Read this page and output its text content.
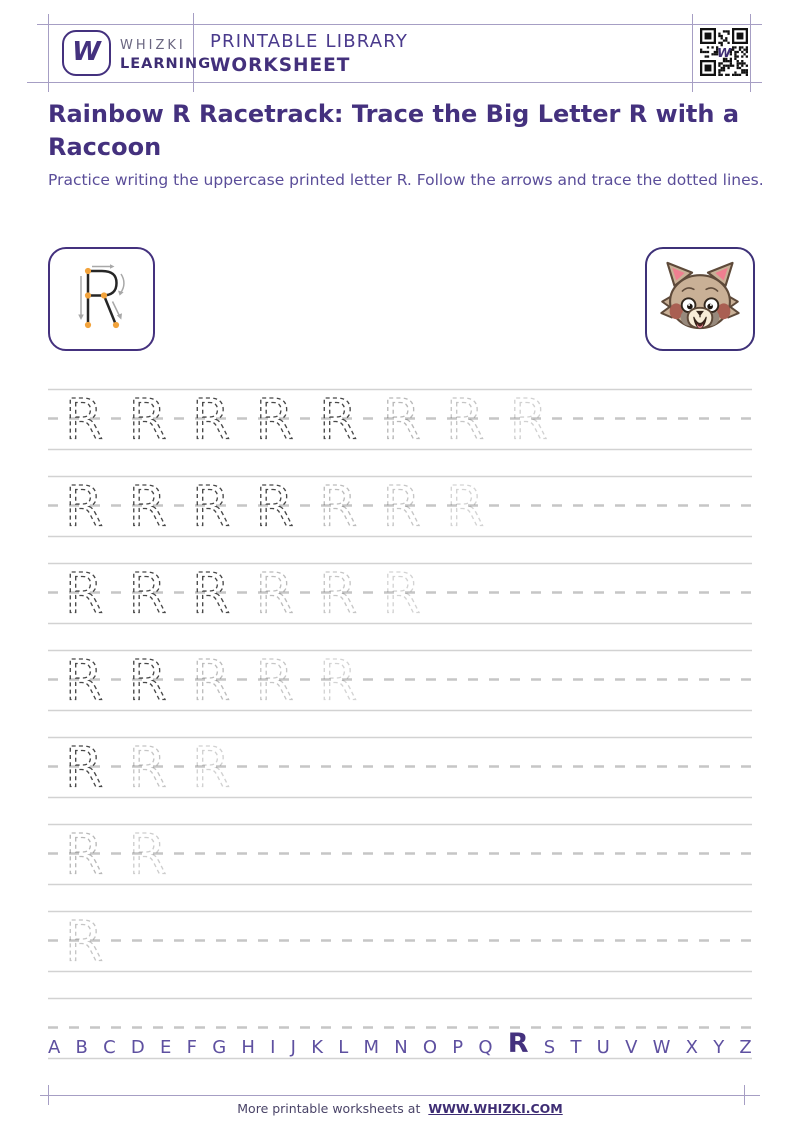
W WHIZKI
LEARNING
PRINTABLE LIBRARY
WORKSHEET
W
Rainbow R Racetrack: Trace the Big Letter R with a Raccoon

Practice writing the uppercase printed letter R. Follow the arrows and trace the dotted lines.

R R R R R R R R
R R R R R R R
R R R R R R
R R R R R
R R R
R R
R
A B C D E F G H I J K L M N O P Q R S T U V W X Y Z
More printable worksheets at WWW.WHIZKI.COM
